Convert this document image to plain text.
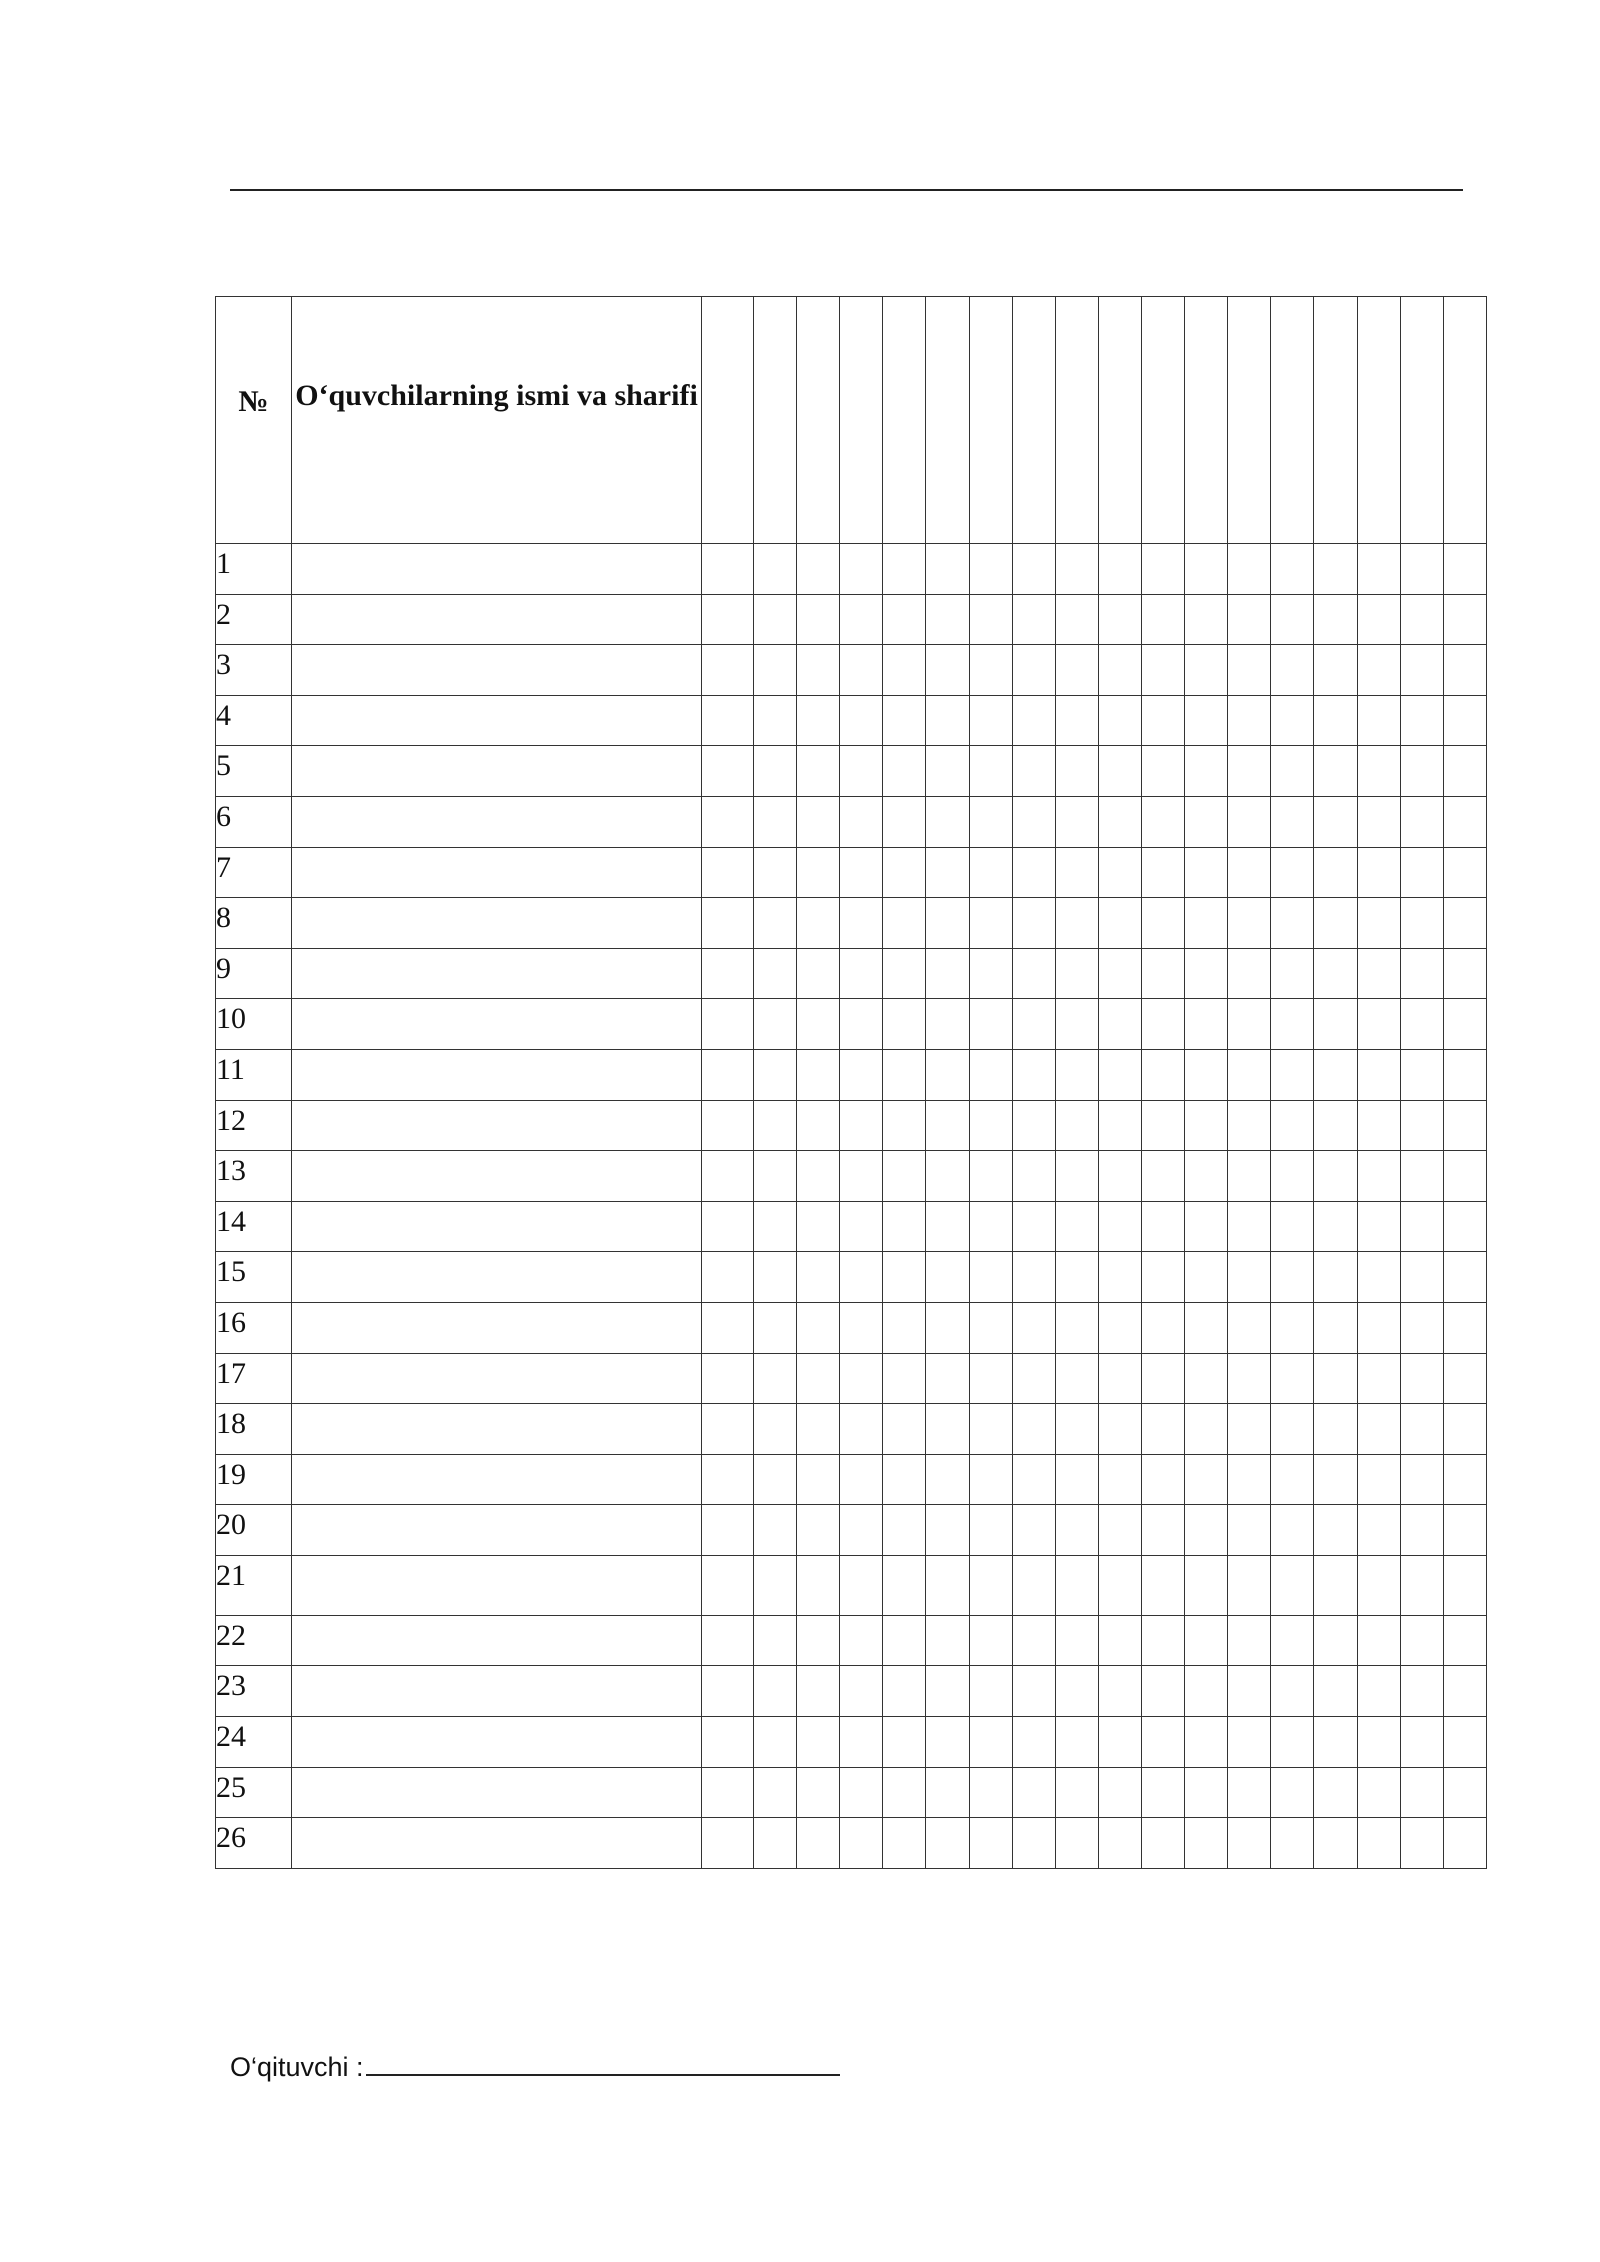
№	O‘quvchilarning ismi va sharifi																		

1																			
2																			
3																			
4																			
5																			
6																			
7																			
8																			
9																			
10																			
11																			
12																			
13																			
14																			
15																			
16																			
17																			
18																			
19																			
20																			
21																			
22																			
23																			
24																			
25																			
26																			
O‘qituvchi :
